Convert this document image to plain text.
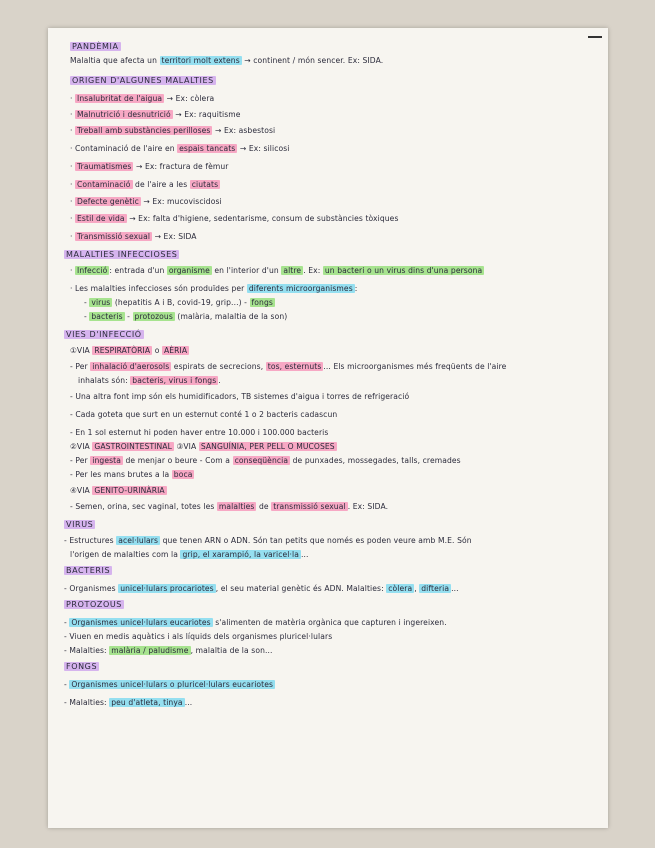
PANDÈMIA
Malaltia que afecta un territori molt extens → continent / món sencer. Ex: SIDA.
ORIGEN D'ALGUNES MALALTIES
· Insalubritat de l'aigua → Ex: còlera
· Malnutrició i desnutrició → Ex: raquitisme
· Treball amb substàncies perilloses → Ex: asbestosi
· Contaminació de l'aire en espais tancats → Ex: silicosi
· Traumatismes → Ex: fractura de fèmur
· Contaminació de l'aire a les ciutats
· Defecte genètic → Ex: mucoviscidosi
· Estil de vida → Ex: falta d'higiene, sedentarisme, consum de substàncies tòxiques
· Transmissió sexual → Ex: SIDA
MALALTIES INFECCIOSES
· Infecció : entrada d'un organisme en l'interior d'un altre . Ex: un bacteri o un virus dins d'una persona
· Les malalties infeccioses són produïdes per diferents microorganismes :
- virus (hepatitis A i B, covid-19, grip...) - fongs
- bacteris - protozous (malària, malaltia de la son)
VIES D'INFECCIÓ
①VIA RESPIRATÒRIA o AÈRIA
- Per inhalació d'aerosols espirats de secrecions, tos, esternuts ... Els microorganismes més freqüents de l'aire
inhalats són: bacteris, virus i fongs .
- Una altra font imp són els humidificadors, TB sistemes d'aigua i torres de refrigeració
- Cada goteta que surt en un esternut conté 1 o 2 bacteris cadascun
- En 1 sol esternut hi poden haver entre 10.000 i 100.000 bacteris
②VIA GASTROINTESTINAL ③VIA SANGUÍNIA, PER PELL O MUCOSES
- Per ingesta de menjar o beure - Com a conseqüència de punxades, mossegades, talls, cremades
- Per les mans brutes a la boca
④VIA GENITO-URINÀRIA
- Semen, orina, sec vaginal, totes les malalties de transmissió sexual . Ex: SIDA.
VIRUS
- Estructures acel·lulars que tenen ARN o ADN. Són tan petits que només es poden veure amb M.E. Són
l'origen de malalties com la grip, el xarampió, la varicel·la ...
BACTERIS
- Organismes unicel·lulars procariotes , el seu material genètic és ADN. Malalties: còlera , difteria ...
PROTOZOUS
- Organismes unicel·lulars eucariotes s'alimenten de matèria orgànica que capturen i ingereixen.
- Viuen en medis aquàtics i als líquids dels organismes pluricel·lulars
- Malalties: malària / paludisme , malaltia de la son...
FONGS
- Organismes unicel·lulars o pluricel·lulars eucariotes
- Malalties: peu d'atleta, tinya ...
